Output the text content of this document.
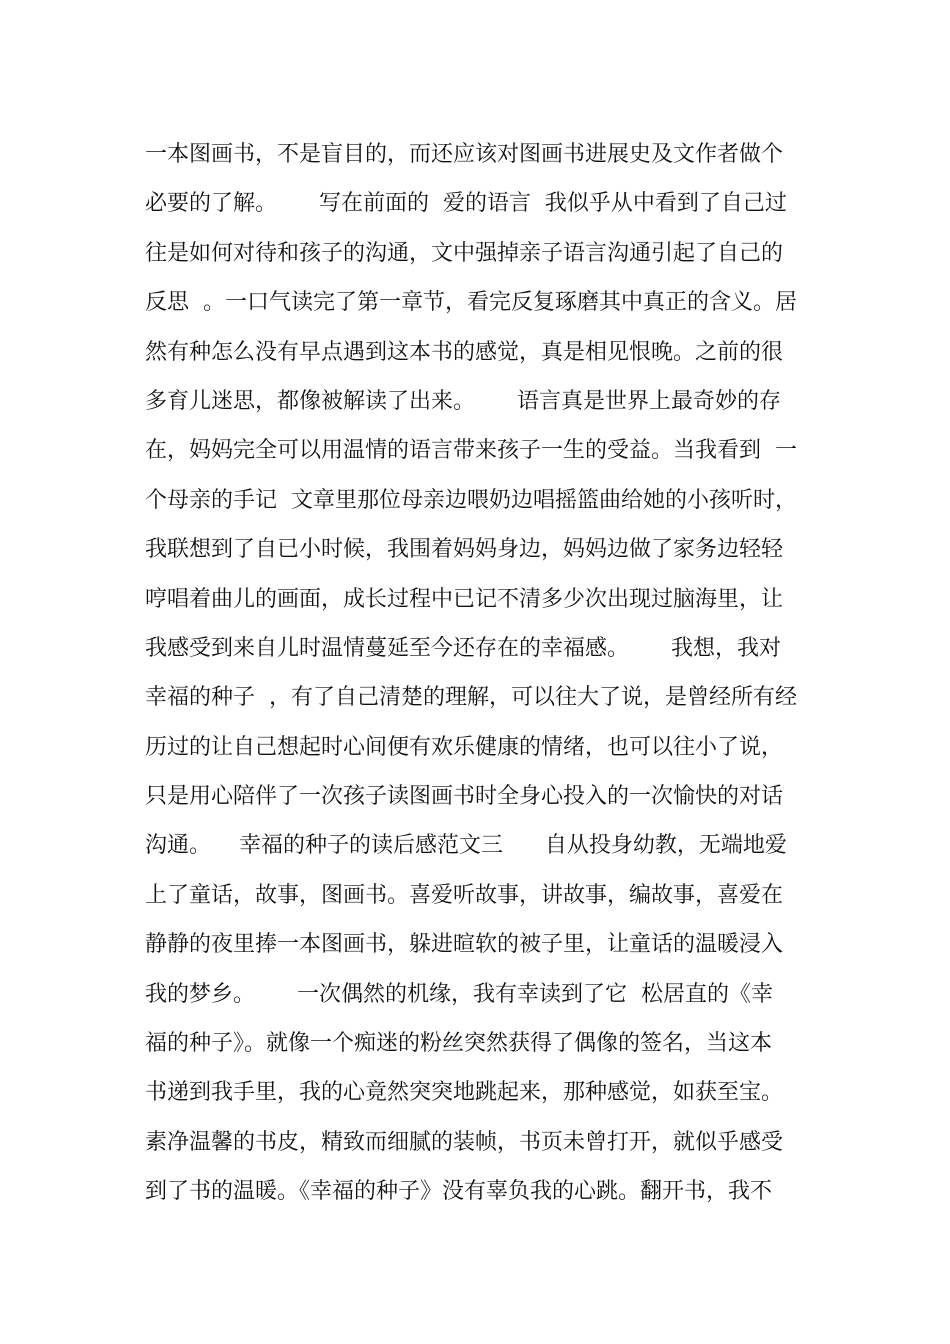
一本图画书，不是盲目的，而还应该对图画书进展史及文作者做个
必要的了解。      写在前面的  爱的语言  我似乎从中看到了自己过
往是如何对待和孩子的沟通，文中强掉亲子语言沟通引起了自己的
反思  。一口气读完了第一章节，看完反复琢磨其中真正的含义。居
然有种怎么没有早点遇到这本书的感觉，真是相见恨晚。之前的很
多育儿迷思，都像被解读了出来。      语言真是世界上最奇妙的存
在，妈妈完全可以用温情的语言带来孩子一生的受益。当我看到  一
个母亲的手记  文章里那位母亲边喂奶边唱摇篮曲给她的小孩听时，
我联想到了自已小时候，我围着妈妈身边，妈妈边做了家务边轻轻
哼唱着曲儿的画面，成长过程中已记不清多少次出现过脑海里，让
我感受到来自儿时温情蔓延至今还存在的幸福感。      我想，我对
幸福的种子  ，有了自己清楚的理解，可以往大了说，是曾经所有经
历过的让自己想起时心间便有欢乐健康的情绪，也可以往小了说，
只是用心陪伴了一次孩子读图画书时全身心投入的一次愉快的对话
沟通。    幸福的种子的读后感范文三      自从投身幼教，无端地爱
上了童话，故事，图画书。喜爱听故事，讲故事，编故事，喜爱在
静静的夜里捧一本图画书，躲进暄软的被子里，让童话的温暖浸入
我的梦乡。      一次偶然的机缘，我有幸读到了它  松居直的《幸
福的种子》。就像一个痴迷的粉丝突然获得了偶像的签名，当这本
书递到我手里，我的心竟然突突地跳起来，那种感觉，如获至宝。
素净温馨的书皮，精致而细腻的装帧，书页未曾打开，就似乎感受
到了书的温暖。《幸福的种子》没有辜负我的心跳。翻开书，我不
